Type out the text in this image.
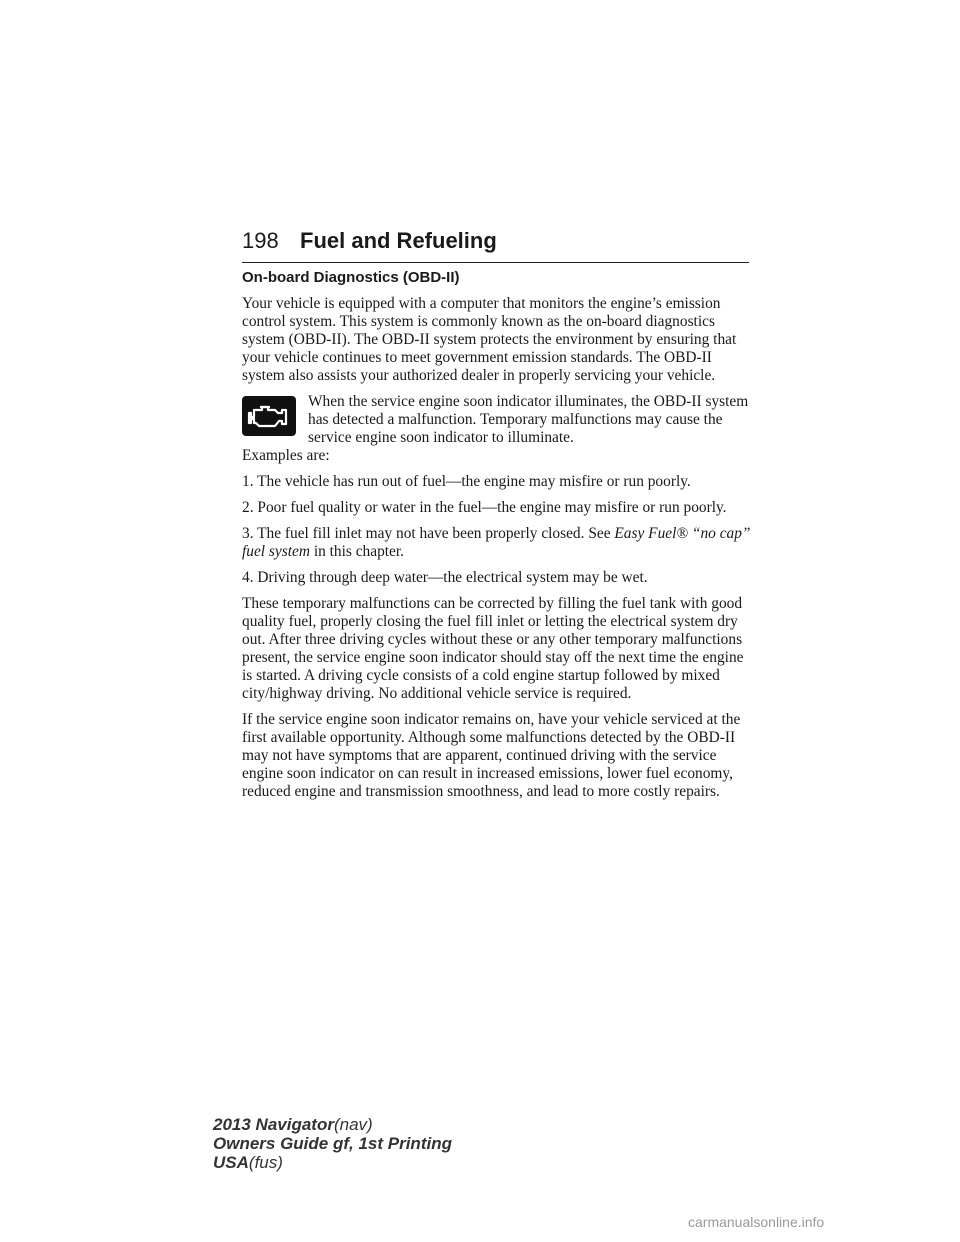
198 Fuel and Refueling
On-board Diagnostics (OBD-II)

Your vehicle is equipped with a computer that monitors the engine’s emission control system. This system is commonly known as the on-board diagnostics system (OBD-II). The OBD-II system protects the environment by ensuring that your vehicle continues to meet government emission standards. The OBD-II system also assists your authorized dealer in properly servicing your vehicle.

When the service engine soon indicator illuminates, the OBD-II system has detected a malfunction. Temporary malfunctions may cause the service engine soon indicator to illuminate.

Examples are:

1. The vehicle has run out of fuel—the engine may misfire or run poorly.

2. Poor fuel quality or water in the fuel—the engine may misfire or run poorly.

3. The fuel fill inlet may not have been properly closed. See Easy Fuel® “no cap” fuel system in this chapter.

4. Driving through deep water—the electrical system may be wet.

These temporary malfunctions can be corrected by filling the fuel tank with good quality fuel, properly closing the fuel fill inlet or letting the electrical system dry out. After three driving cycles without these or any other temporary malfunctions present, the service engine soon indicator should stay off the next time the engine is started. A driving cycle consists of a cold engine startup followed by mixed city/highway driving. No additional vehicle service is required.

If the service engine soon indicator remains on, have your vehicle serviced at the first available opportunity. Although some malfunctions detected by the OBD-II may not have symptoms that are apparent, continued driving with the service engine soon indicator on can result in increased emissions, lower fuel economy, reduced engine and transmission smoothness, and lead to more costly repairs.

2013 Navigator(nav)
Owners Guide gf, 1st Printing
USA(fus)
carmanualsonline.info
